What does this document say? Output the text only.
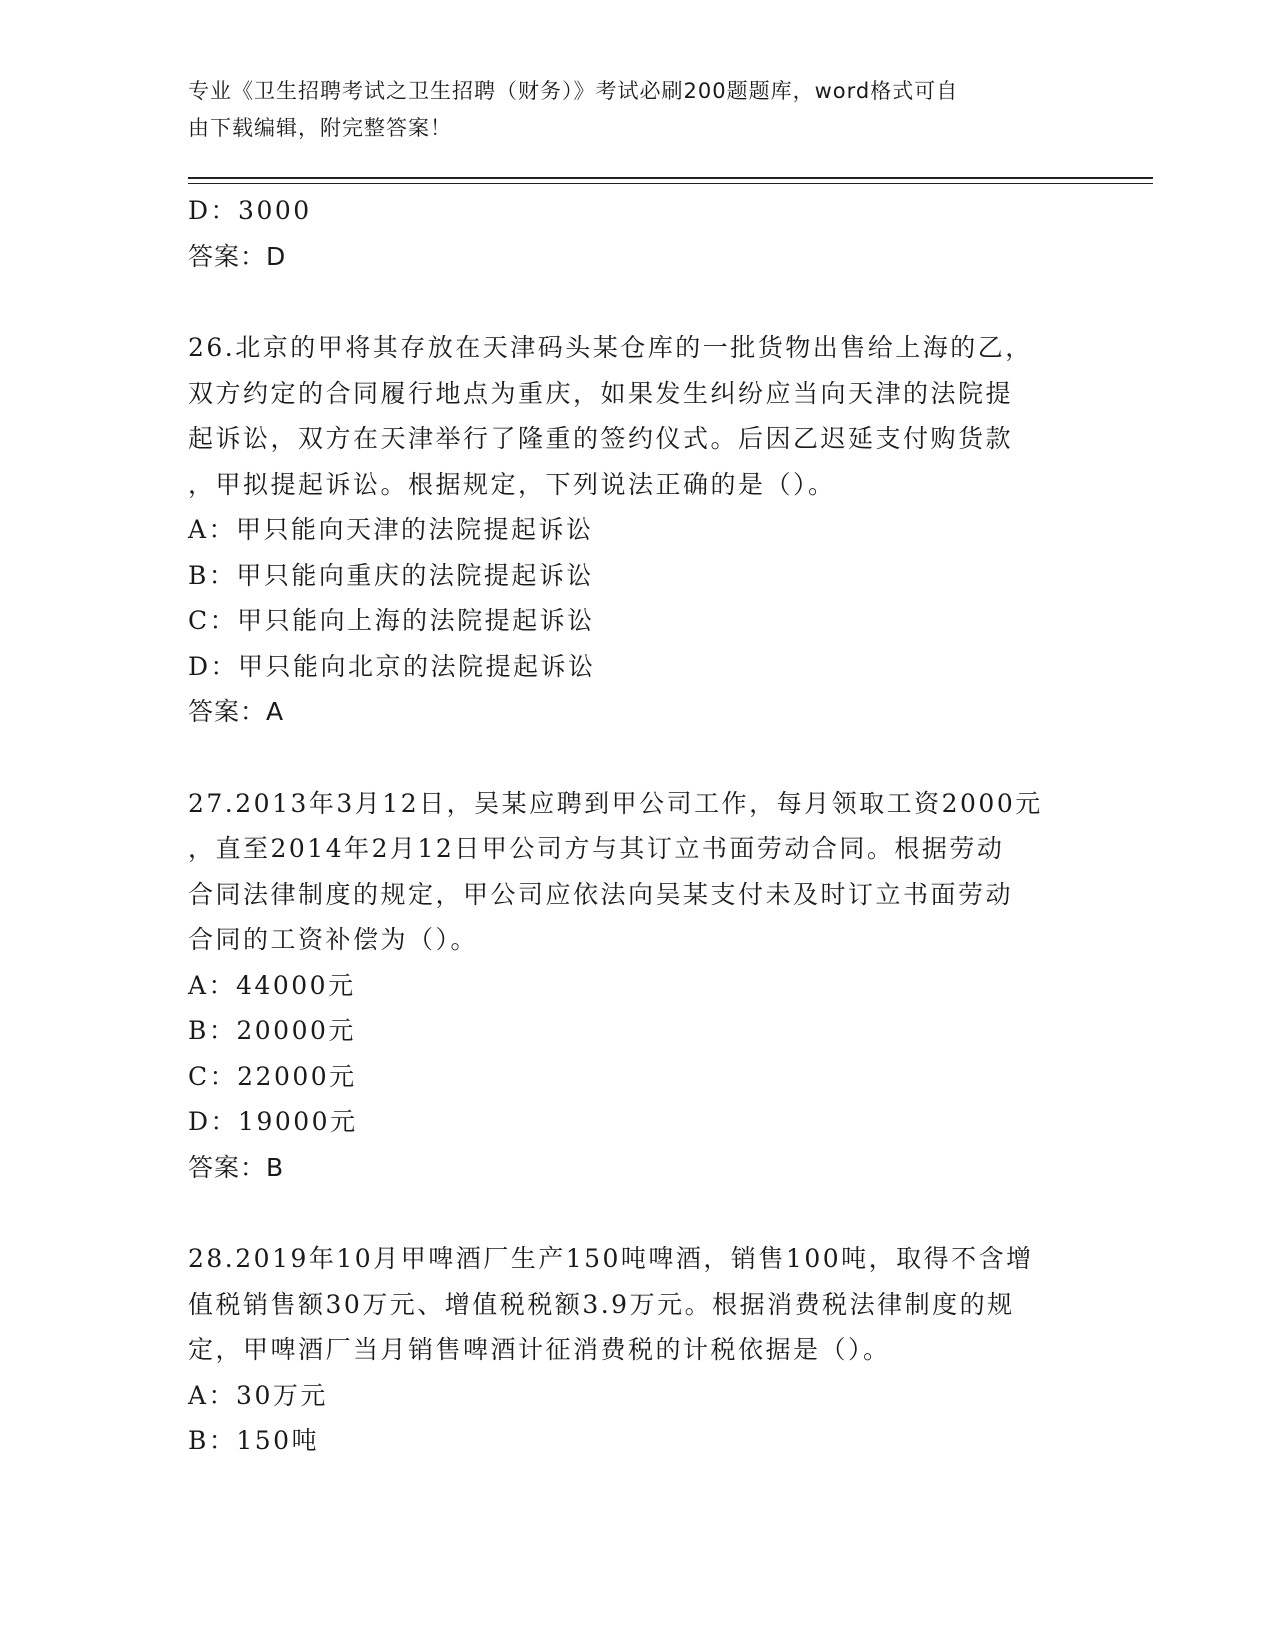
专业《卫生招聘考试之卫生招聘（财务）》考试必刷200题题库，word格式可自
由下载编辑，附完整答案！
D：3000
答案：D
26.北京的甲将其存放在天津码头某仓库的一批货物出售给上海的乙，
双方约定的合同履行地点为重庆，如果发生纠纷应当向天津的法院提
起诉讼，双方在天津举行了隆重的签约仪式。后因乙迟延支付购货款
，甲拟提起诉讼。根据规定，下列说法正确的是（）。
A：甲只能向天津的法院提起诉讼
B：甲只能向重庆的法院提起诉讼
C：甲只能向上海的法院提起诉讼
D：甲只能向北京的法院提起诉讼
答案：A
27.2013年3月12日，吴某应聘到甲公司工作，每月领取工资2000元
，直至2014年2月12日甲公司方与其订立书面劳动合同。根据劳动
合同法律制度的规定，甲公司应依法向吴某支付未及时订立书面劳动
合同的工资补偿为（）。
A：44000元
B：20000元
C：22000元
D：19000元
答案：B
28.2019年10月甲啤酒厂生产150吨啤酒，销售100吨，取得不含增
值税销售额30万元、增值税税额3.9万元。根据消费税法律制度的规
定，甲啤酒厂当月销售啤酒计征消费税的计税依据是（）。
A：30万元
B：150吨
